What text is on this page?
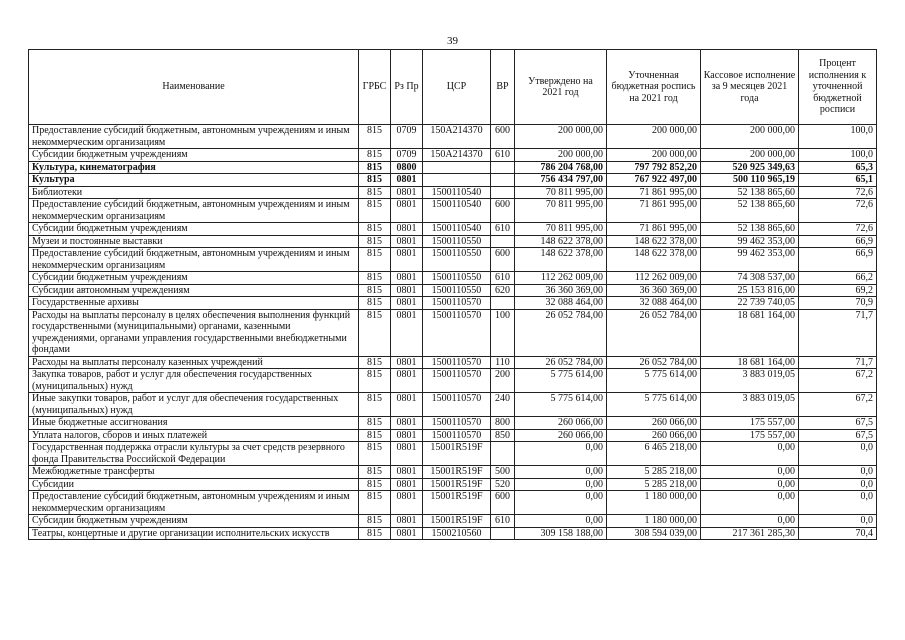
39
Наименование	ГРБС	Рз Пр	ЦСР	ВР	Утверждено на 2021 год	Уточненная бюджетная роспись на 2021 год	Кассовое исполнение за 9 месяцев 2021 года	Процент исполнения к уточненной бюджетной росписи
Предоставление субсидий бюджетным, автономным учреждениям и иным некоммерческим организациям	815	0709	150А214370	600	200 000,00	200 000,00	200 000,00	100,0
Субсидии бюджетным учреждениям	815	0709	150А214370	610	200 000,00	200 000,00	200 000,00	100,0
Культура, кинематография	815	0800			786 204 768,00	797 792 852,20	520 925 349,63	65,3
Культура	815	0801			756 434 797,00	767 922 497,00	500 110 965,19	65,1
Библиотеки	815	0801	1500110540		70 811 995,00	71 861 995,00	52 138 865,60	72,6
Предоставление субсидий бюджетным, автономным учреждениям и иным некоммерческим организациям	815	0801	1500110540	600	70 811 995,00	71 861 995,00	52 138 865,60	72,6
Субсидии бюджетным учреждениям	815	0801	1500110540	610	70 811 995,00	71 861 995,00	52 138 865,60	72,6
Музеи и постоянные выставки	815	0801	1500110550		148 622 378,00	148 622 378,00	99 462 353,00	66,9
Предоставление субсидий бюджетным, автономным учреждениям и иным некоммерческим организациям	815	0801	1500110550	600	148 622 378,00	148 622 378,00	99 462 353,00	66,9
Субсидии бюджетным учреждениям	815	0801	1500110550	610	112 262 009,00	112 262 009,00	74 308 537,00	66,2
Субсидии автономным учреждениям	815	0801	1500110550	620	36 360 369,00	36 360 369,00	25 153 816,00	69,2
Государственные архивы	815	0801	1500110570		32 088 464,00	32 088 464,00	22 739 740,05	70,9
Расходы на выплаты персоналу в целях обеспечения выполнения функций государственными (муниципальными) органами, казенными учреждениями, органами управления государственными внебюджетными фондами	815	0801	1500110570	100	26 052 784,00	26 052 784,00	18 681 164,00	71,7
Расходы на выплаты персоналу казенных учреждений	815	0801	1500110570	110	26 052 784,00	26 052 784,00	18 681 164,00	71,7
Закупка товаров, работ и услуг для обеспечения государственных (муниципальных) нужд	815	0801	1500110570	200	5 775 614,00	5 775 614,00	3 883 019,05	67,2
Иные закупки товаров, работ и услуг для обеспечения государственных (муниципальных) нужд	815	0801	1500110570	240	5 775 614,00	5 775 614,00	3 883 019,05	67,2
Иные бюджетные ассигнования	815	0801	1500110570	800	260 066,00	260 066,00	175 557,00	67,5
Уплата налогов, сборов и иных платежей	815	0801	1500110570	850	260 066,00	260 066,00	175 557,00	67,5
Государственная поддержка отрасли культуры за счет средств резервного фонда Правительства Российской Федерации	815	0801	15001R519F		0,00	6 465 218,00	0,00	0,0
Межбюджетные трансферты	815	0801	15001R519F	500	0,00	5 285 218,00	0,00	0,0
Субсидии	815	0801	15001R519F	520	0,00	5 285 218,00	0,00	0,0
Предоставление субсидий бюджетным, автономным учреждениям и иным некоммерческим организациям	815	0801	15001R519F	600	0,00	1 180 000,00	0,00	0,0
Субсидии бюджетным учреждениям	815	0801	15001R519F	610	0,00	1 180 000,00	0,00	0,0
Театры, концертные и другие организации исполнительских искусств	815	0801	1500210560		309 158 188,00	308 594 039,00	217 361 285,30	70,4
